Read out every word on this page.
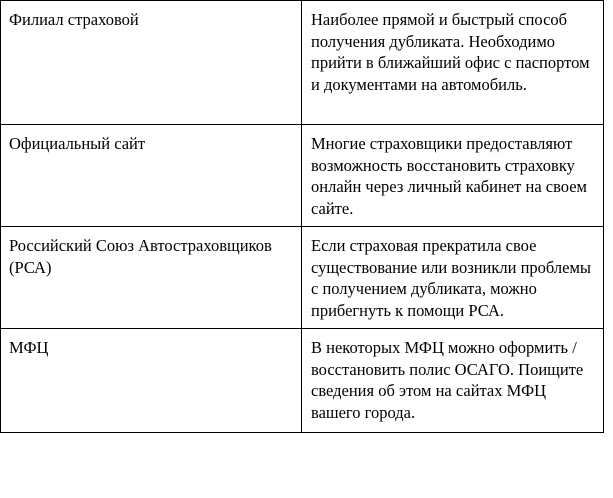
Филиал страховой	Наиболее прямой и быстрый способ получения дубликата. Необходимо прийти в ближайший офис с паспортом и документами на автомобиль.
Официальный сайт	Многие страховщики предоставляют возможность восстановить страховку онлайн через личный кабинет на своем сайте.
Российский Союз Автостраховщиков (РСА)	Если страховая прекратила свое существование или возникли проблемы с получением дубликата, можно прибегнуть к помощи РСА.
МФЦ	В некоторых МФЦ можно оформить / восстановить полис ОСАГО. Поищите сведения об этом на сайтах МФЦ вашего города.
